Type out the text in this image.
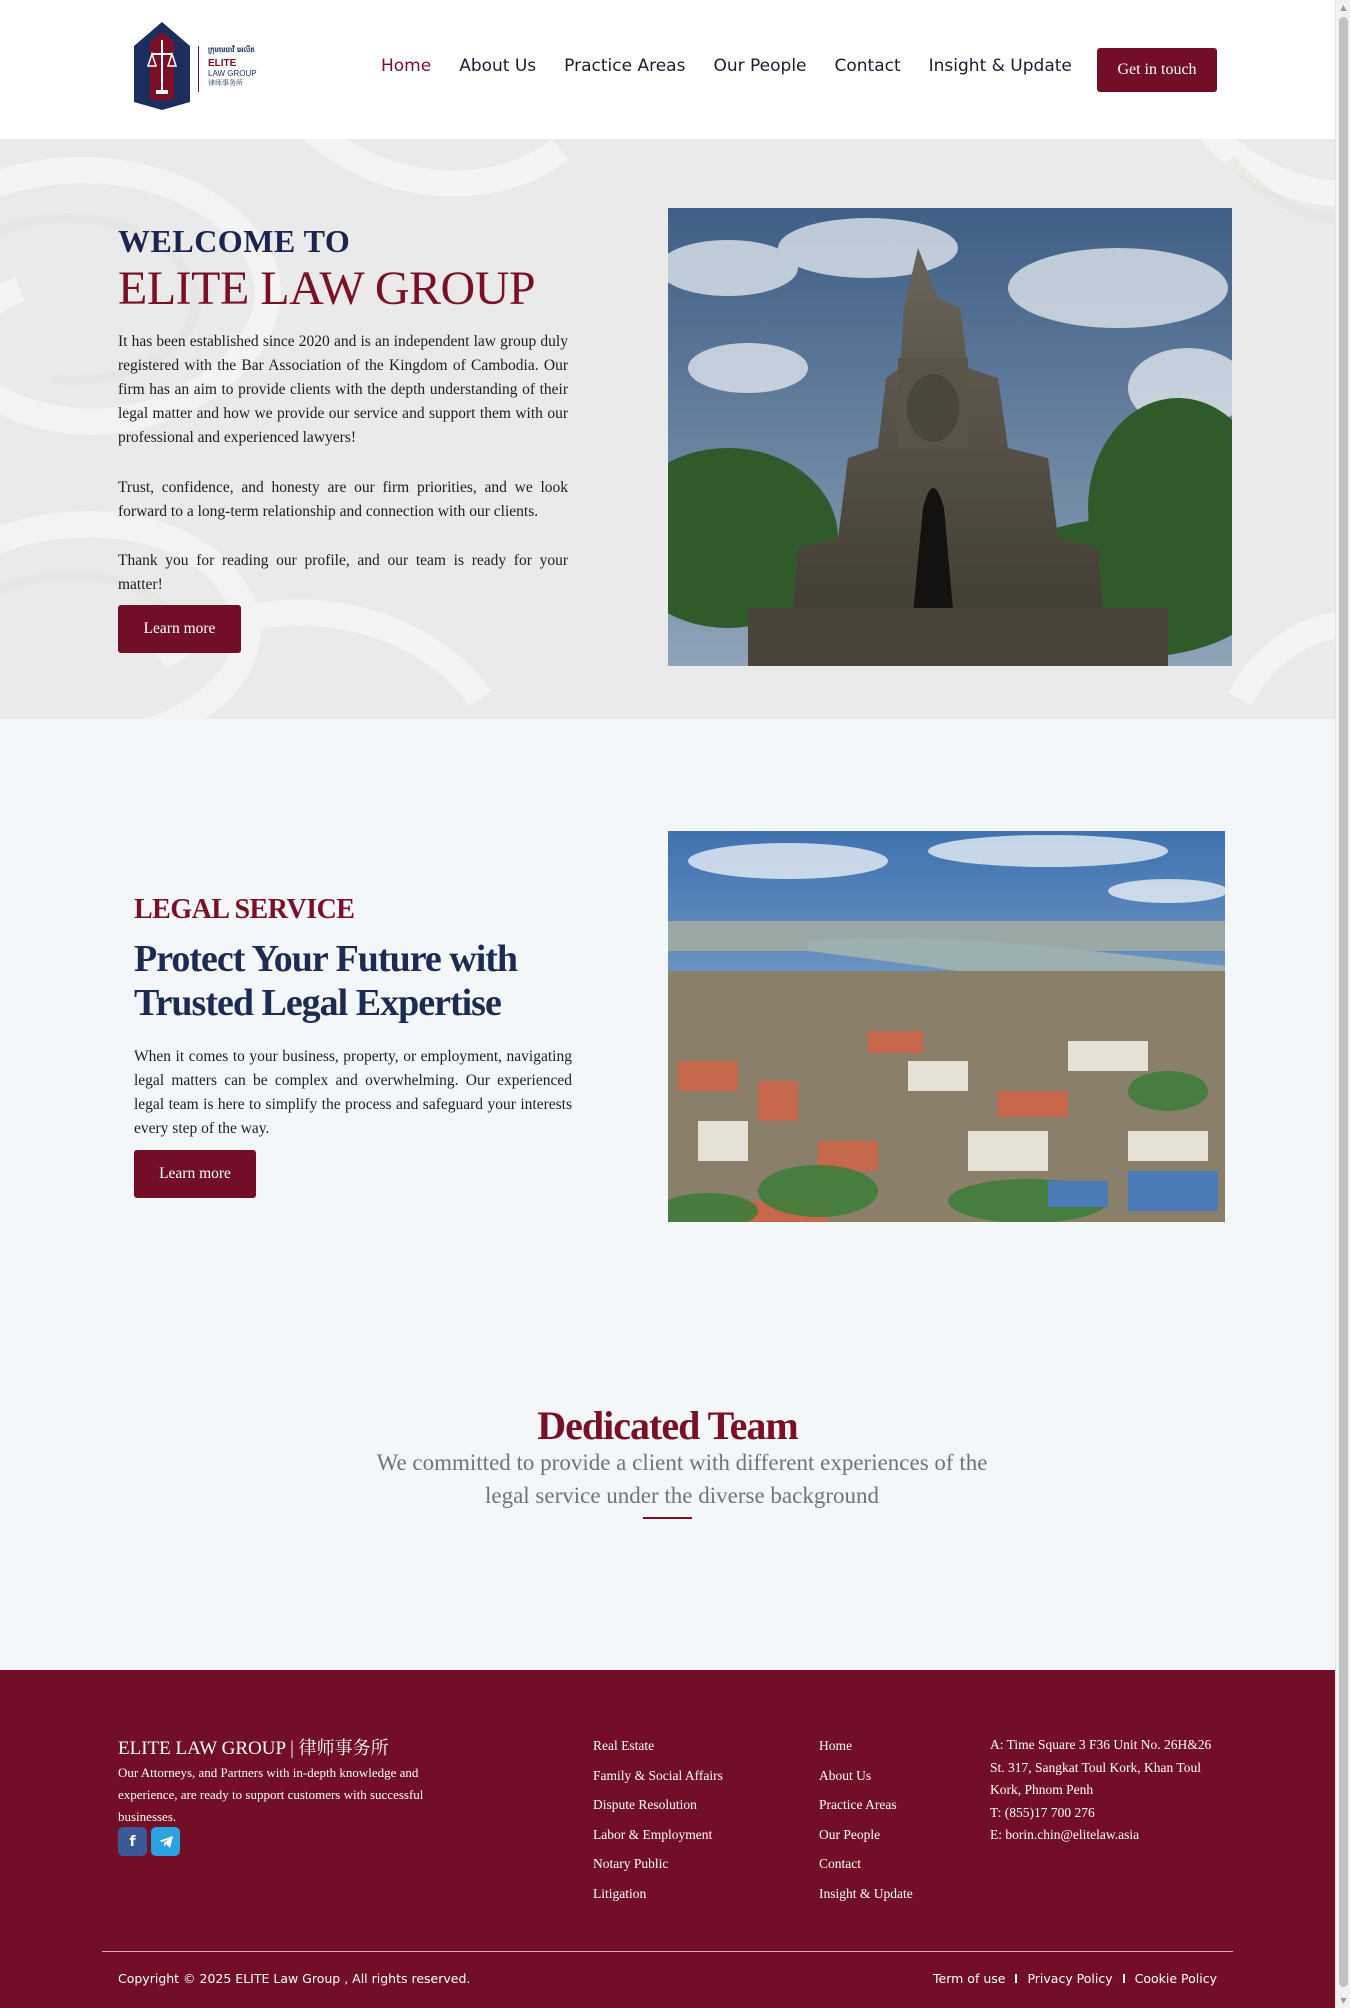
ក្រុមមេធាវី អេលីត
ELITE
LAW GROUP
律师事务所
Home About Us Practice Areas Our People Contact Insight & Update	Get in touch
WELCOME TO
ELITE LAW GROUP

It has been established since 2020 and is an independent law group duly registered with the Bar Association of the Kingdom of Cambodia. Our firm has an aim to provide clients with the depth understanding of their legal matter and how we provide our service and support them with our professional and experienced lawyers!

Trust, confidence, and honesty are our firm priorities, and we look forward to a long-term relationship and connection with our clients.

Thank you for reading our profile, and our team is ready for your matter!

Learn more
LEGAL SERVICE
Protect Your Future with Trusted Legal Expertise

When it comes to your business, property, or employment, navigating legal matters can be complex and overwhelming. Our experienced legal team is here to simplify the process and safeguard your interests every step of the way.

Learn more
Dedicated Team
We committed to provide a client with different experiences of the legal service under the diverse background
ELITE LAW GROUP | 律师事务所
Our Attorneys, and Partners with in-depth knowledge and experience, are ready to support customers with successful businesses.
f
Real Estate
Family & Social Affairs
Dispute Resolution
Labor & Employment
Notary Public
Litigation
Home
About Us
Practice Areas
Our People
Contact
Insight & Update
A: Time Square 3 F36 Unit No. 26H&26 St. 317, Sangkat Toul Kork, Khan Toul Kork, Phnom Penh
T: (855)17 700 276
E: borin.chin@elitelaw.asia
Copyright © 2025 ELITE Law Group , All rights reserved.	Term of use Privacy Policy Cookie Policy
▲
▼
